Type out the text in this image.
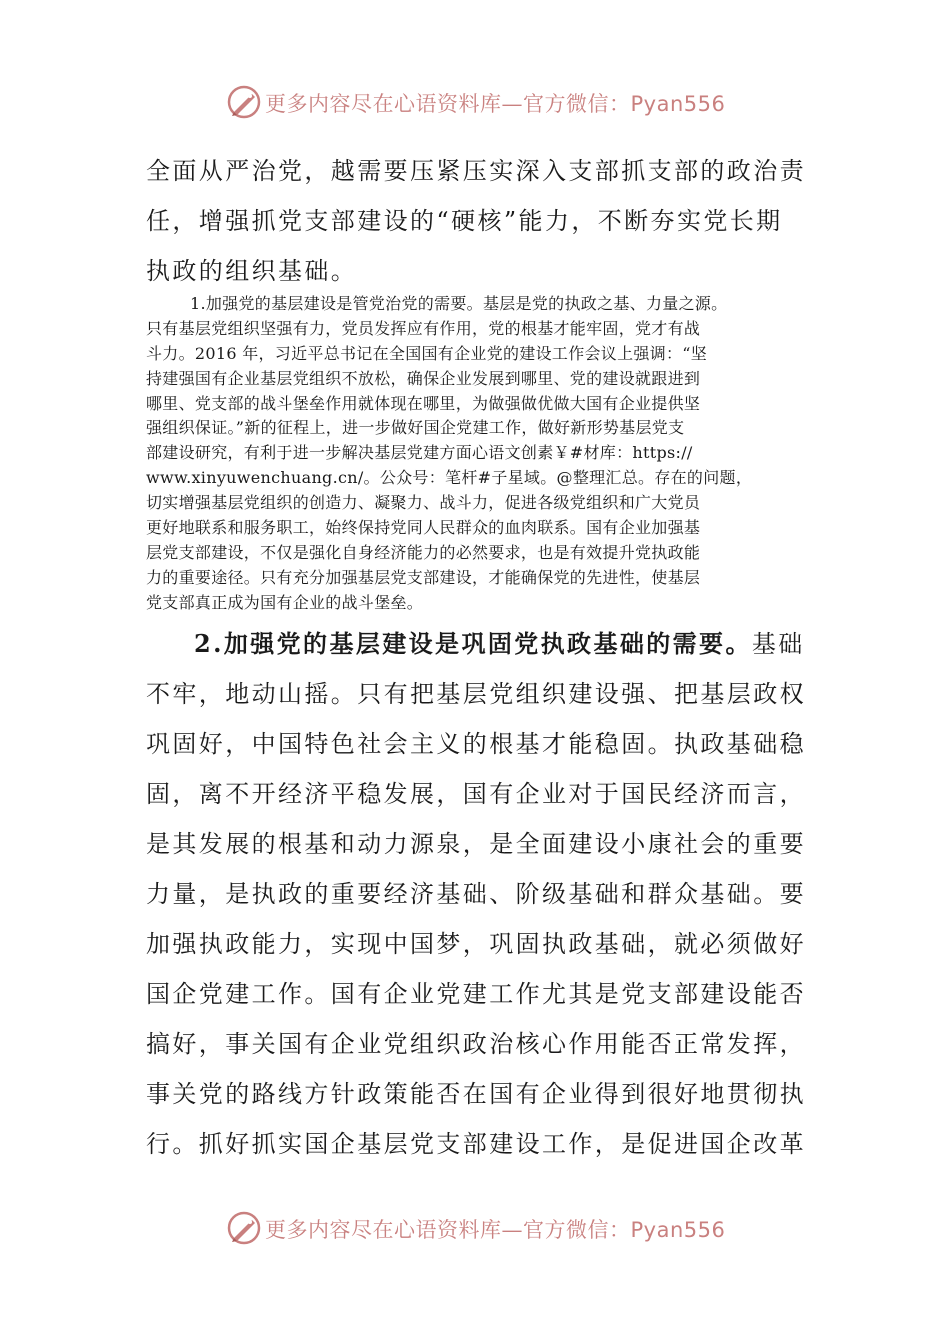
更多内容尽在心语资料库—官方微信：Pyan556
全面从严治党，越需要压紧压实深入支部抓支部的政治责
任，增强抓党支部建设的“硬核”能力，不断夯实党长期
执政的组织基础。
1.加强党的基层建设是管党治党的需要。基层是党的执政之基、力量之源。
只有基层党组织坚强有力，党员发挥应有作用，党的根基才能牢固，党才有战
斗力。2016 年，习近平总书记在全国国有企业党的建设工作会议上强调：“坚
持建强国有企业基层党组织不放松，确保企业发展到哪里、党的建设就跟进到
哪里、党支部的战斗堡垒作用就体现在哪里，为做强做优做大国有企业提供坚
强组织保证。”新的征程上，进一步做好国企党建工作，做好新形势基层党支
部建设研究，有利于进一步解决基层党建方面心语文创素￥#材库：https://
www.xinyuwenchuang.cn/。公众号：笔杆#子星域。@整理汇总。存在的问题，
切实增强基层党组织的创造力、凝聚力、战斗力，促进各级党组织和广大党员
更好地联系和服务职工，始终保持党同人民群众的血肉联系。国有企业加强基
层党支部建设，不仅是强化自身经济能力的必然要求，也是有效提升党执政能
力的重要途径。只有充分加强基层党支部建设，才能确保党的先进性，使基层
党支部真正成为国有企业的战斗堡垒。
2.加强党的基层建设是巩固党执政基础的需要。基础
不牢，地动山摇。只有把基层党组织建设强、把基层政权
巩固好，中国特色社会主义的根基才能稳固。执政基础稳
固，离不开经济平稳发展，国有企业对于国民经济而言，
是其发展的根基和动力源泉，是全面建设小康社会的重要
力量，是执政的重要经济基础、阶级基础和群众基础。要
加强执政能力，实现中国梦，巩固执政基础，就必须做好
国企党建工作。国有企业党建工作尤其是党支部建设能否
搞好，事关国有企业党组织政治核心作用能否正常发挥，
事关党的路线方针政策能否在国有企业得到很好地贯彻执
行。抓好抓实国企基层党支部建设工作，是促进国企改革
更多内容尽在心语资料库—官方微信：Pyan556
